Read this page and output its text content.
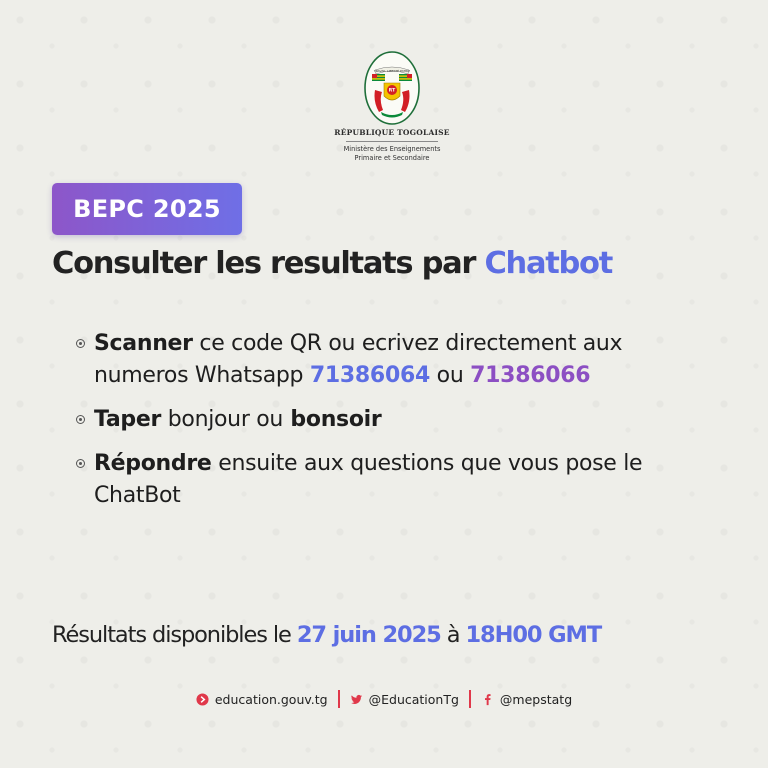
TRAVAIL LIBERTÉ PATRIE
RT
RÉPUBLIQUE TOGOLAISE
Ministère des Enseignements
Primaire et Secondaire
BEPC 2025
Consulter les resultats par Chatbot
Scanner ce code QR ou ecrivez directement aux numeros Whatsapp 71386064 ou 71386066
Taper bonjour ou bonsoir
Répondre ensuite aux questions que vous pose le ChatBot
Résultats disponibles le 27 juin 2025 à 18H00 GMT
education.gouv.tg	@EducationTg	@mepstatg
